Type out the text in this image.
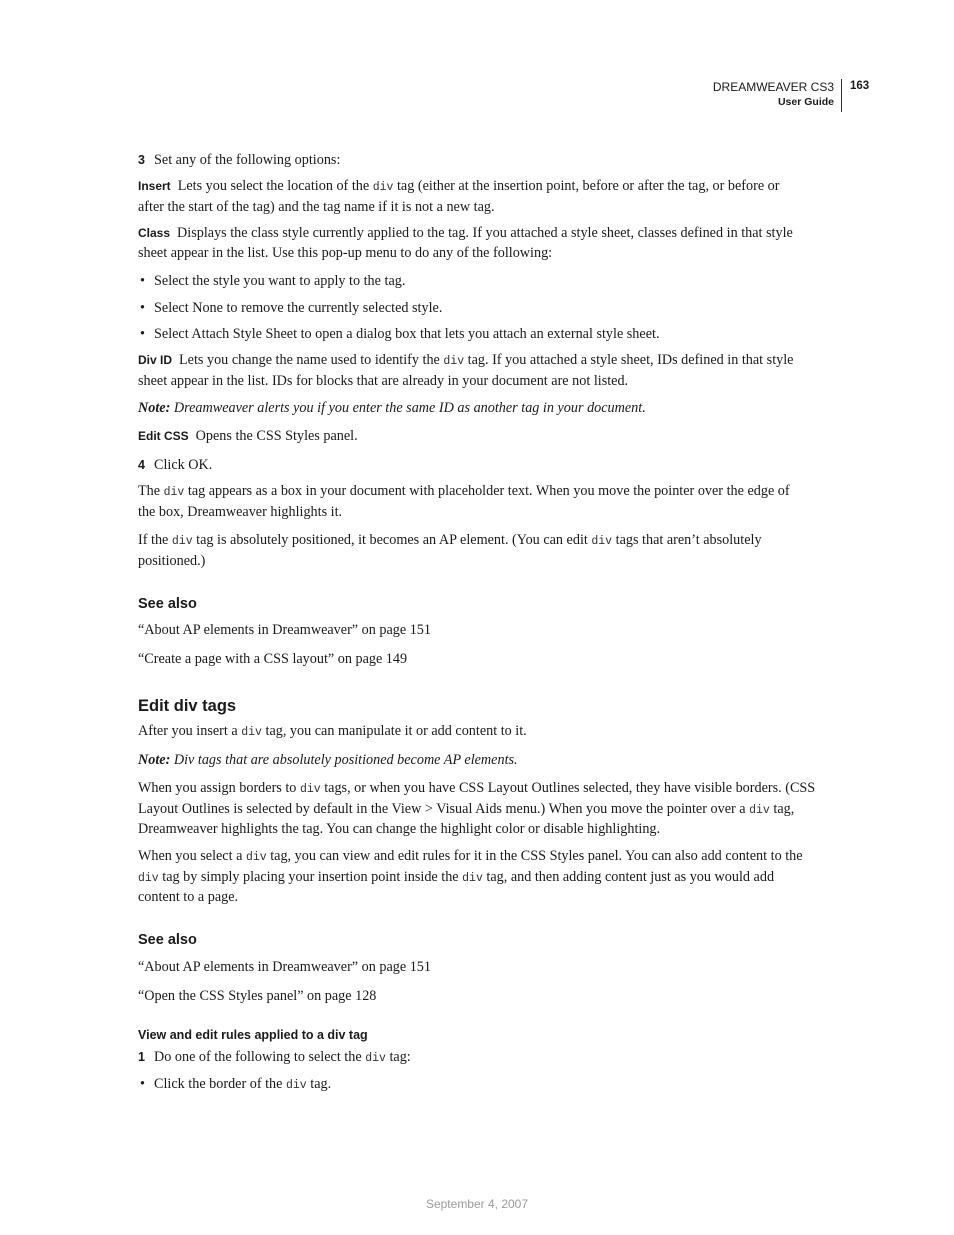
DREAMWEAVER CS3
User Guide
163
3 Set any of the following options:
Insert Lets you select the location of the div tag (either at the insertion point, before or after the tag, or before or
after the start of the tag) and the tag name if it is not a new tag.
Class Displays the class style currently applied to the tag. If you attached a style sheet, classes defined in that style
sheet appear in the list. Use this pop-up menu to do any of the following:
• Select the style you want to apply to the tag.
• Select None to remove the currently selected style.
• Select Attach Style Sheet to open a dialog box that lets you attach an external style sheet.
Div ID Lets you change the name used to identify the div tag. If you attached a style sheet, IDs defined in that style
sheet appear in the list. IDs for blocks that are already in your document are not listed.
Note: Dreamweaver alerts you if you enter the same ID as another tag in your document.
Edit CSS Opens the CSS Styles panel.
4 Click OK.
The div tag appears as a box in your document with placeholder text. When you move the pointer over the edge of
the box, Dreamweaver highlights it.
If the div tag is absolutely positioned, it becomes an AP element. (You can edit div tags that aren’t absolutely
positioned.)
See also
“About AP elements in Dreamweaver” on page 151
“Create a page with a CSS layout” on page 149
Edit div tags
After you insert a div tag, you can manipulate it or add content to it.
Note: Div tags that are absolutely positioned become AP elements.
When you assign borders to div tags, or when you have CSS Layout Outlines selected, they have visible borders. (CSS
Layout Outlines is selected by default in the View > Visual Aids menu.) When you move the pointer over a div tag,
Dreamweaver highlights the tag. You can change the highlight color or disable highlighting.
When you select a div tag, you can view and edit rules for it in the CSS Styles panel. You can also add content to the
div tag by simply placing your insertion point inside the div tag, and then adding content just as you would add
content to a page.
See also
“About AP elements in Dreamweaver” on page 151
“Open the CSS Styles panel” on page 128
View and edit rules applied to a div tag
1 Do one of the following to select the div tag:
• Click the border of the div tag.
September 4, 2007
